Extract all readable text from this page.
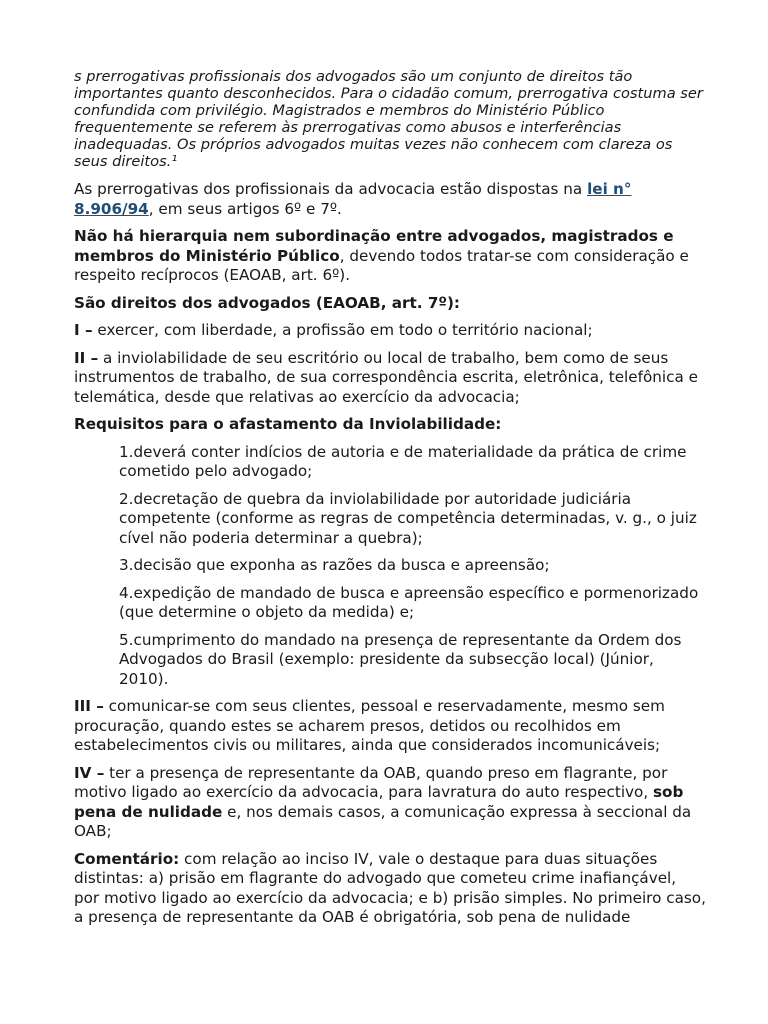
s prerrogativas profissionais dos advogados são um conjunto de direitos tão importantes quanto desconhecidos. Para o cidadão comum, prerrogativa costuma ser confundida com privilégio. Magistrados e membros do Ministério Público frequentemente se referem às prerrogativas como abusos e interferências inadequadas. Os próprios advogados muitas vezes não conhecem com clareza os seus direitos.¹

As prerrogativas dos profissionais da advocacia estão dispostas na lei n° 8.906/94, em seus artigos 6º e 7º.

Não há hierarquia nem subordinação entre advogados, magistrados e membros do Ministério Público, devendo todos tratar-se com consideração e respeito recíprocos (EAOAB, art. 6º).

São direitos dos advogados (EAOAB, art. 7º):

I – exercer, com liberdade, a profissão em todo o território nacional;

II – a inviolabilidade de seu escritório ou local de trabalho, bem como de seus instrumentos de trabalho, de sua correspondência escrita, eletrônica, telefônica e telemática, desde que relativas ao exercício da advocacia;

Requisitos para o afastamento da Inviolabilidade:

1.deverá conter indícios de autoria e de materialidade da prática de crime cometido pelo advogado;

2.decretação de quebra da inviolabilidade por autoridade judiciária competente (conforme as regras de competência determinadas, v. g., o juiz cível não poderia determinar a quebra);

3.decisão que exponha as razões da busca e apreensão;

4.expedição de mandado de busca e apreensão específico e pormenorizado (que determine o objeto da medida) e;

5.cumprimento do mandado na presença de representante da Ordem dos Advogados do Brasil (exemplo: presidente da subsecção local) (Júnior, 2010).

III – comunicar-se com seus clientes, pessoal e reservadamente, mesmo sem procuração, quando estes se acharem presos, detidos ou recolhidos em estabelecimentos civis ou militares, ainda que considerados incomunicáveis;

IV – ter a presença de representante da OAB, quando preso em flagrante, por motivo ligado ao exercício da advocacia, para lavratura do auto respectivo, sob pena de nulidade e, nos demais casos, a comunicação expressa à seccional da OAB;

Comentário: com relação ao inciso IV, vale o destaque para duas situações distintas: a) prisão em flagrante do advogado que cometeu crime inafiançável, por motivo ligado ao exercício da advocacia; e b) prisão simples. No primeiro caso, a presença de representante da OAB é obrigatória, sob pena de nulidade
